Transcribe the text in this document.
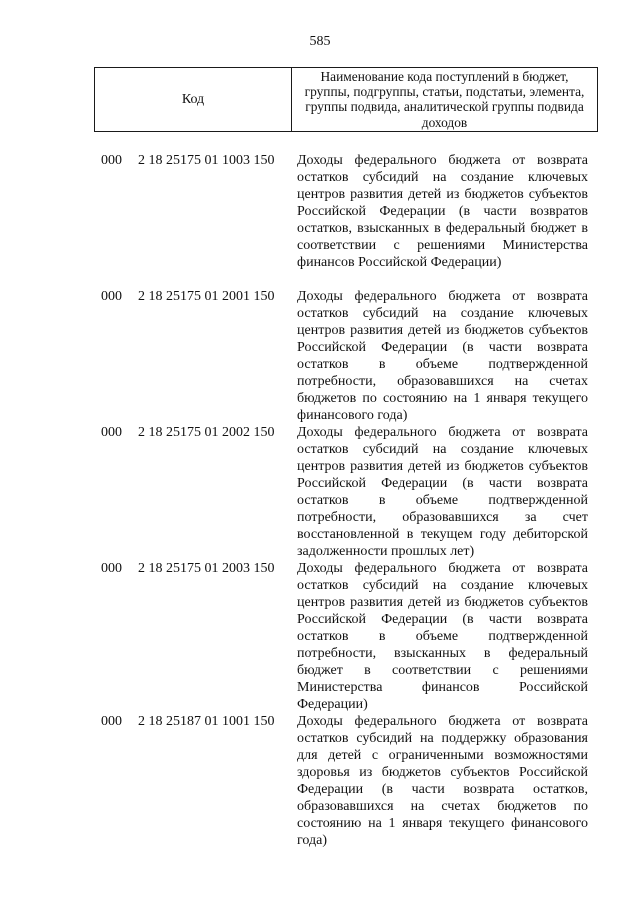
585
Код
Наименование кода поступлений в бюджет, группы, подгруппы, статьи, подстатьи, элемента, группы подвида, аналитической группы подвида доходов
000 2 18 25175 01 1003 150 Доходы федерального бюджета от возврата остатков субсидий на создание ключевых центров развития детей из бюджетов субъектов Российской Федерации (в части возвратов остатков, взысканных в федеральный бюджет в соответствии с решениями Министерства финансов Российской Федерации)
000 2 18 25175 01 2001 150 Доходы федерального бюджета от возврата остатков субсидий на создание ключевых центров развития детей из бюджетов субъектов Российской Федерации (в части возврата остатков в объеме подтвержденной потребности, образовавшихся на счетах бюджетов по состоянию на 1 января текущего финансового года)
000 2 18 25175 01 2002 150 Доходы федерального бюджета от возврата остатков субсидий на создание ключевых центров развития детей из бюджетов субъектов Российской Федерации (в части возврата остатков в объеме подтвержденной потребности, образовавшихся за счет восстановленной в текущем году дебиторской задолженности прошлых лет)
000 2 18 25175 01 2003 150 Доходы федерального бюджета от возврата остатков субсидий на создание ключевых центров развития детей из бюджетов субъектов Российской Федерации (в части возврата остатков в объеме подтвержденной потребности, взысканных в федеральный бюджет в соответствии с решениями Министерства финансов Российской Федерации)
000 2 18 25187 01 1001 150 Доходы федерального бюджета от возврата остатков субсидий на поддержку образования для детей с ограниченными возможностями здоровья из бюджетов субъектов Российской Федерации (в части возврата остатков, образовавшихся на счетах бюджетов по состоянию на 1 января текущего финансового года)
